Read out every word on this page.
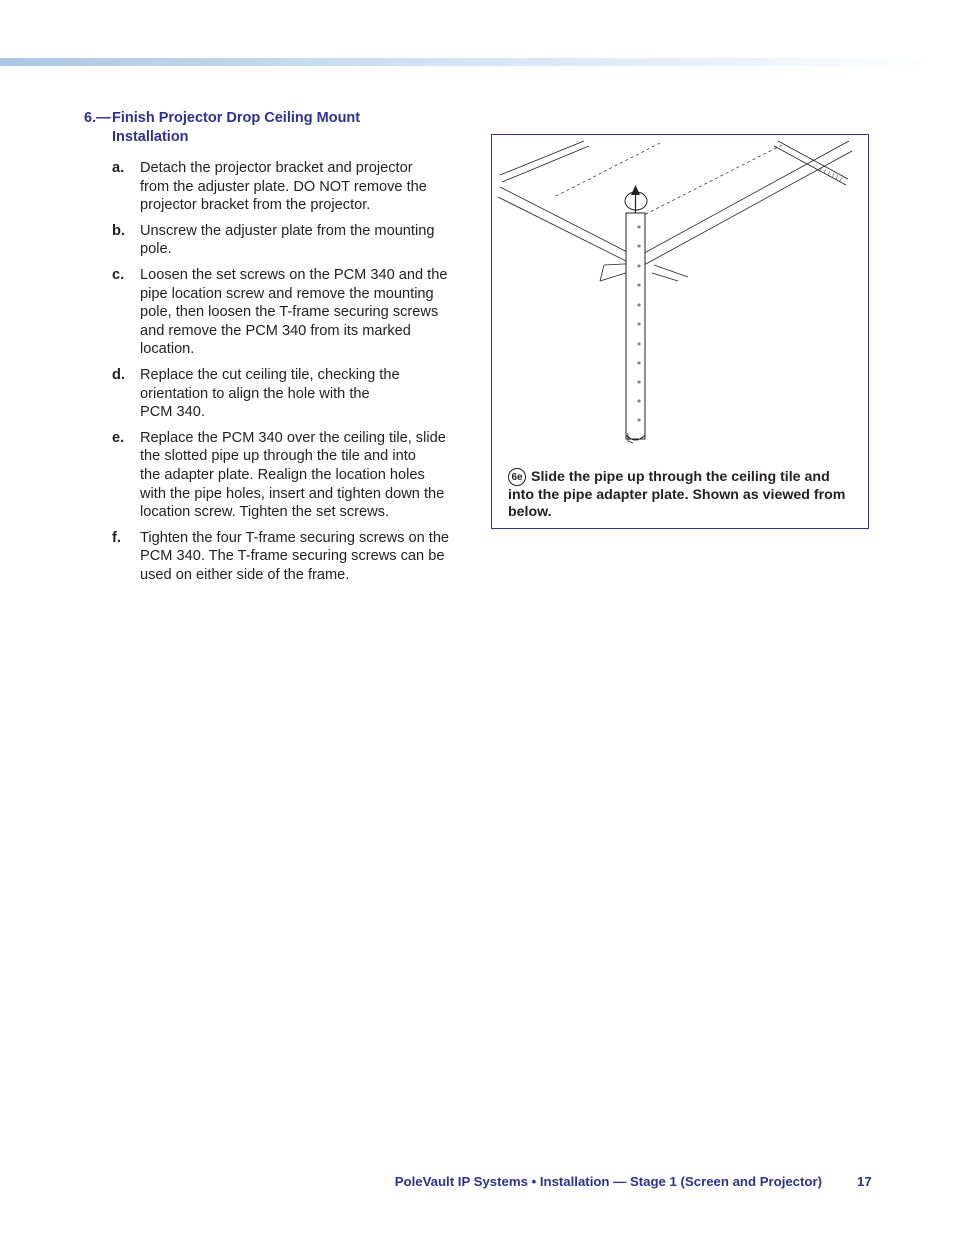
6.—Finish Projector Drop Ceiling Mount
Installation
a.	Detach the projector bracket and projector
from the adjuster plate. DO NOT remove the
projector bracket from the projector.
b.	Unscrew the adjuster plate from the mounting
pole.
c.	Loosen the set screws on the PCM 340 and the
pipe location screw and remove the mounting
pole, then loosen the T-frame securing screws
and remove the PCM 340 from its marked
location.
d.	Replace the cut ceiling tile, checking the
orientation to align the hole with the
PCM 340.
e.	Replace the PCM 340 over the ceiling tile, slide
the slotted pipe up through the tile and into
the adapter plate. Realign the location holes
with the pipe holes, insert and tighten down the
location screw. Tighten the set screws.
f.	Tighten the four T-frame securing screws on the
PCM 340. The T-frame securing screws can be
used on either side of the frame.
6e Slide the pipe up through the ceiling tile and into the pipe adapter plate. Shown as viewed from below.
PoleVault IP Systems • Installation — Stage 1 (Screen and Projector)	17
